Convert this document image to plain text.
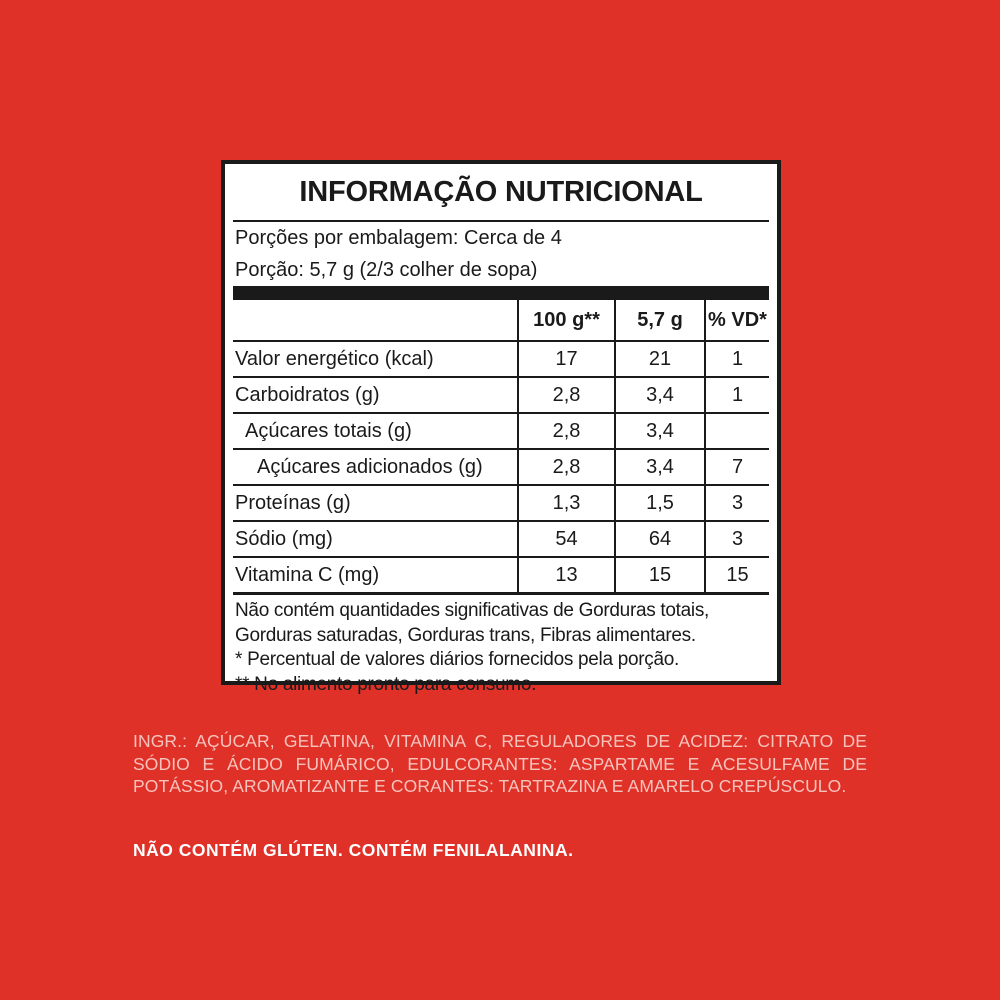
INFORMAÇÃO NUTRICIONAL
Porções por embalagem: Cerca de 4
Porção: 5,7 g (2/3 colher de sopa)
	100 g**	5,7 g	% VD*
Valor energético (kcal)	17	21	1
Carboidratos (g)	2,8	3,4	1
Açúcares totais (g)	2,8	3,4	
Açúcares adicionados (g)	2,8	3,4	7
Proteínas (g)	1,3	1,5	3
Sódio (mg)	54	64	3
Vitamina C (mg)	13	15	15
Não contém quantidades significativas de Gorduras totais,
Gorduras saturadas, Gorduras trans, Fibras alimentares.
* Percentual de valores diários fornecidos pela porção.
** No alimento pronto para consumo.
INGR.: AÇÚCAR, GELATINA, VITAMINA C, REGULADORES DE ACIDEZ: CITRATO DE SÓDIO E ÁCIDO FUMÁRICO, EDULCORANTES: ASPARTAME E ACESULFAME DE POTÁSSIO, AROMATIZANTE E CORANTES: TARTRAZINA E AMARELO CREPÚSCULO.
NÃO CONTÉM GLÚTEN. CONTÉM FENILALANINA.
